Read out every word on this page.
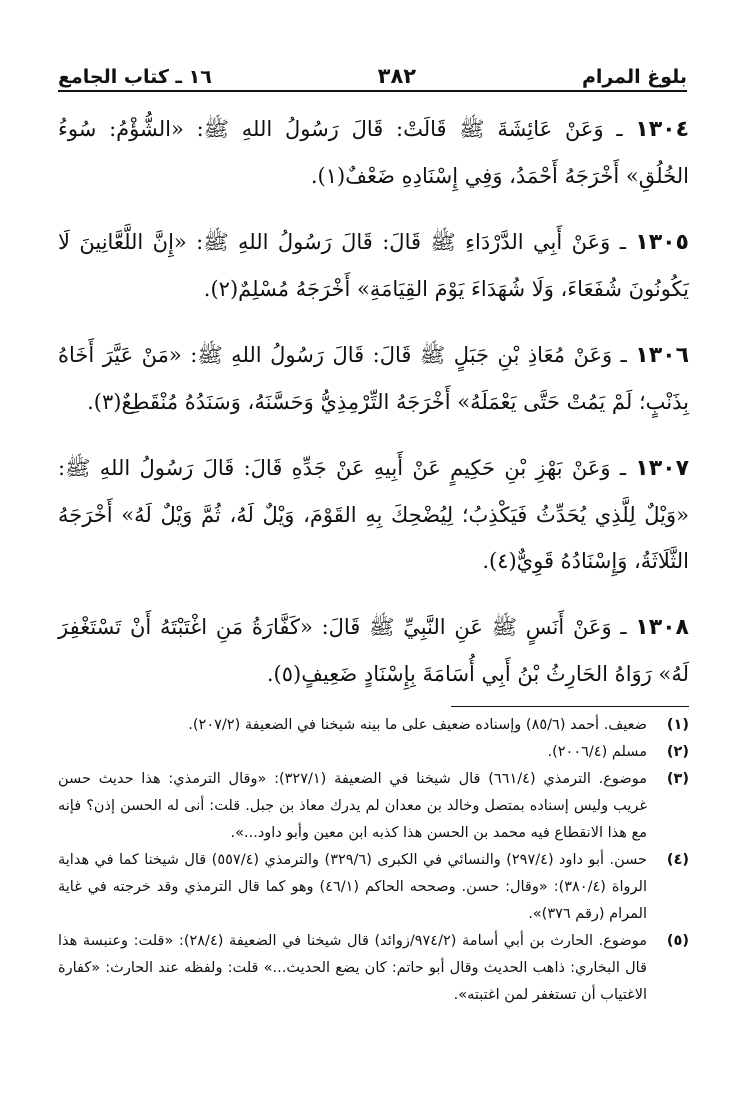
بلوغ المرام
٣٨٢
١٦ ـ كتاب الجامع

١٣٠٤ ـ وَعَنْ عَائِشَةَ ﷺ قَالَتْ: قَالَ رَسُولُ اللهِ ﷺ: «الشُّؤْمُ: سُوءُ الخُلُقِ» أَخْرَجَهُ أَحْمَدُ، وَفِي إِسْنَادِهِ ضَعْفٌ(١).

١٣٠٥ ـ وَعَنْ أَبِي الدَّرْدَاءِ ﷺ قَالَ: قَالَ رَسُولُ اللهِ ﷺ: «إِنَّ اللَّعَّانِينَ لَا يَكُونُونَ شُفَعَاءَ، وَلَا شُهَدَاءَ يَوْمَ القِيَامَةِ» أَخْرَجَهُ مُسْلِمٌ(٢).

١٣٠٦ ـ وَعَنْ مُعَاذِ بْنِ جَبَلٍ ﷺ قَالَ: قَالَ رَسُولُ اللهِ ﷺ: «مَنْ عَيَّرَ أَخَاهُ بِذَنْبٍ؛ لَمْ يَمُتْ حَتَّى يَعْمَلَهُ» أَخْرَجَهُ التِّرْمِذِيُّ وَحَسَّنَهُ، وَسَنَدُهُ مُنْقَطِعٌ(٣).

١٣٠٧ ـ وَعَنْ بَهْزِ بْنِ حَكِيمٍ عَنْ أَبِيهِ عَنْ جَدِّهِ قَالَ: قَالَ رَسُولُ اللهِ ﷺ: «وَيْلٌ لِلَّذِي يُحَدِّثُ فَيَكْذِبُ؛ لِيُضْحِكَ بِهِ القَوْمَ، وَيْلٌ لَهُ، ثُمَّ وَيْلٌ لَهُ» أَخْرَجَهُ الثَّلَاثَةُ، وَإِسْنَادُهُ قَوِيٌّ(٤).

١٣٠٨ ـ وَعَنْ أَنَسٍ ﷺ عَنِ النَّبِيِّ ﷺ قَالَ: «كَفَّارَةُ مَنِ اغْتَبْتَهُ أَنْ تَسْتَغْفِرَ لَهُ» رَوَاهُ الحَارِثُ بْنُ أَبِي أُسَامَةَ بِإِسْنَادٍ ضَعِيفٍ(٥).

(١)
ضعيف. أحمد (٨٥/٦) وإسناده ضعيف على ما بينه شيخنا في الضعيفة (٢٠٧/٢).
(٢)
مسلم (٢٠٠٦/٤).
(٣)
موضوع. الترمذي (٦٦١/٤) قال شيخنا في الضعيفة (٣٢٧/١): «وقال الترمذي: هذا حديث حسن غريب وليس إسناده بمتصل وخالد بن معدان لم يدرك معاذ بن جبل. قلت: أنى له الحسن إذن؟ فإنه مع هذا الانقطاع فيه محمد بن الحسن هذا كذبه ابن معين وأبو داود...».
(٤)
حسن. أبو داود (٢٩٧/٤) والنسائي في الكبرى (٣٢٩/٦) والترمذي (٥٥٧/٤) قال شيخنا كما في هداية الرواة (٣٨٠/٤): «وقال: حسن. وصححه الحاكم (٤٦/١) وهو كما قال الترمذي وقد خرجته في غاية المرام (رقم ٣٧٦)».
(٥)
موضوع. الحارث بن أبي أسامة (٩٧٤/٢/زوائد) قال شيخنا في الضعيفة (٢٨/٤): «قلت: وعنبسة هذا قال البخاري: ذاهب الحديث وقال أبو حاتم: كان يضع الحديث...» قلت: ولفظه عند الحارث: «كفارة الاغتياب أن تستغفر لمن اغتبته».
